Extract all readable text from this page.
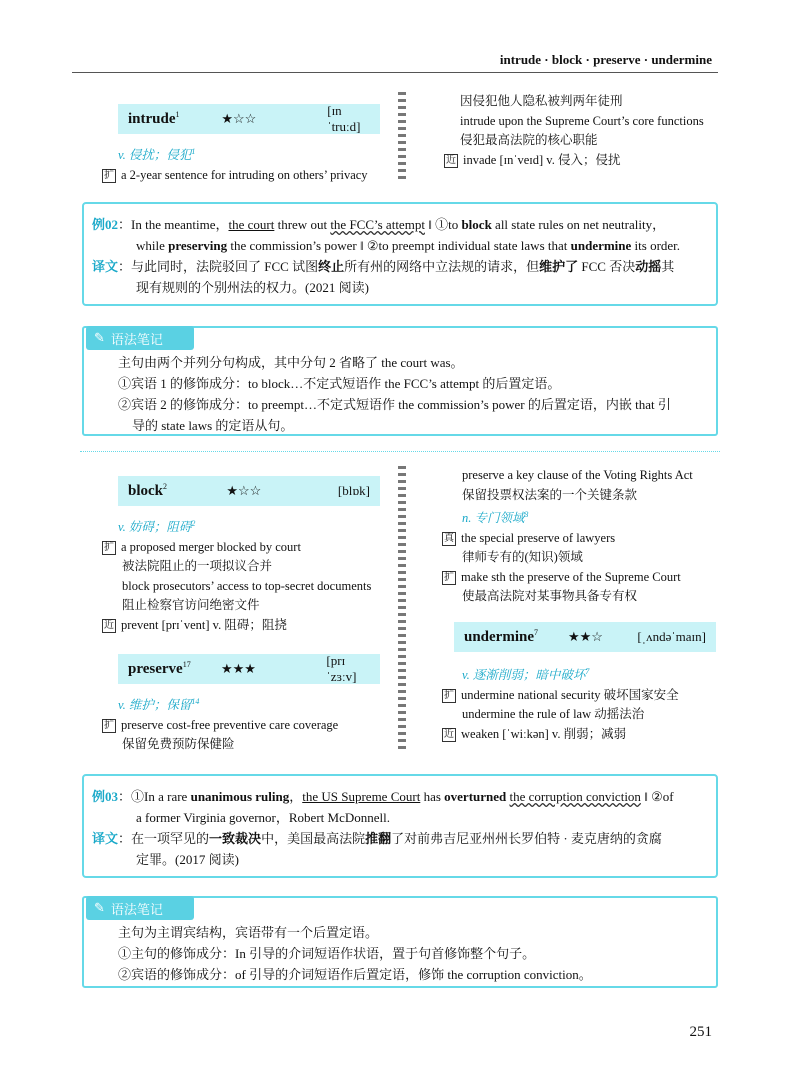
intrude · block · preserve · undermine
intrude$^1$	★☆☆
[ɪnˈtruːd]
v. 侵扰；侵犯$^1$
扩 a 2-year sentence for intruding on others’ privacy
因侵犯他人隐私被判两年徒刑
intrude upon the Supreme Court’s core functions
侵犯最高法院的核心职能
近 invade [ɪnˈveɪd] v. 侵入；侵扰
例02：In the meantime，the court threw out the FCC’s attempt ‖ ①to block all state rules on net neutrality，
while preserving the commission’s power ‖ ②to preempt individual state laws that undermine its order.
译文：与此同时，法院驳回了 FCC 试图终止所有州的网络中立法规的请求，但维护了 FCC 否决动摇其
现有规则的个别州法的权力。(2021 阅读)
✎ 语法笔记
主句由两个并列分句构成，其中分句 2 省略了 the court was。
①宾语 1 的修饰成分：to block…不定式短语作 the FCC’s attempt 的后置定语。
②宾语 2 的修饰成分：to preempt…不定式短语作 the commission’s power 的后置定语，内嵌 that 引
导的 state laws 的定语从句。
block$^2$	★☆☆	[blɒk]
v. 妨碍；阻碍$^2$
扩 a proposed merger blocked by court
被法院阻止的一项拟议合并
block prosecutors’ access to top-secret documents
阻止检察官访问绝密文件
近 prevent [prɪˈvent] v. 阻碍；阻挠
preserve$^{17}$	★★★
[prɪˈzɜːv]
v. 维护；保留$^{14}$
扩 preserve cost-free preventive care coverage
保留免费预防保健险
preserve a key clause of the Voting Rights Act
保留投票权法案的一个关键条款
n. 专门领域$^3$
真 the special preserve of lawyers
律师专有的(知识)领域
扩 make sth the preserve of the Supreme Court
使最高法院对某事物具备专有权
undermine$^7$	★★☆	[ˌʌndəˈmaɪn]
v. 逐渐削弱；暗中破坏$^7$
扩 undermine national security 破坏国家安全
undermine the rule of law 动摇法治
近 weaken [ˈwiːkən] v. 削弱；减弱
例03：①In a rare unanimous ruling，the US Supreme Court has overturned the corruption conviction ‖ ②of
a former Virginia governor，Robert McDonnell.
译文：在一项罕见的一致裁决中，美国最高法院推翻了对前弗吉尼亚州州长罗伯特 · 麦克唐纳的贪腐
定罪。(2017 阅读)
✎ 语法笔记
主句为主谓宾结构，宾语带有一个后置定语。
①主句的修饰成分：In 引导的介词短语作状语，置于句首修饰整个句子。
②宾语的修饰成分：of 引导的介词短语作后置定语，修饰 the corruption conviction。
251
